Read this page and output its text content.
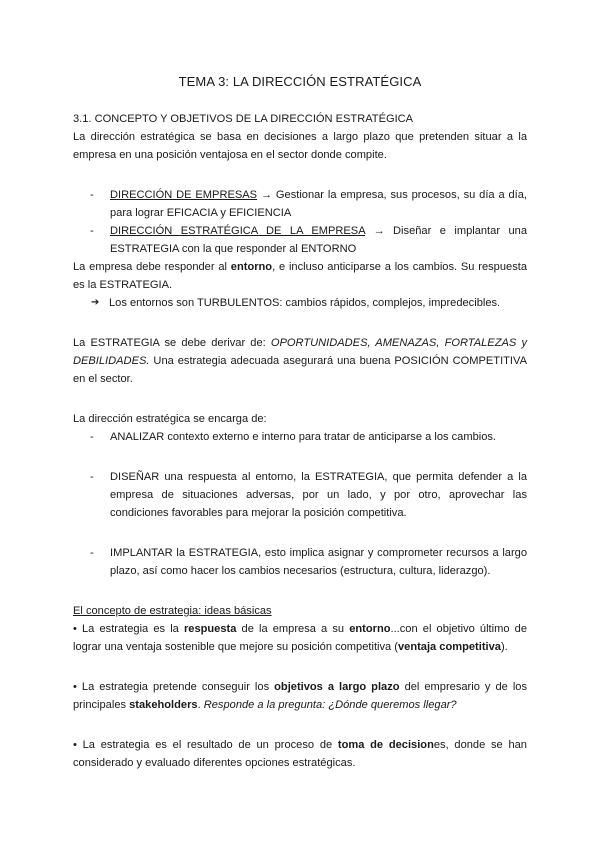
TEMA 3: LA DIRECCIÓN ESTRATÉGICA

3.1. CONCEPTO Y OBJETIVOS DE LA DIRECCIÓN ESTRATÉGICA

La dirección estratégica se basa en decisiones a largo plazo que pretenden situar a la empresa en una posición ventajosa en el sector donde compite.

- DIRECCIÓN DE EMPRESAS → Gestionar la empresa, sus procesos, su día a día, para lograr EFICACIA y EFICIENCIA
- DIRECCIÓN ESTRATÉGICA DE LA EMPRESA → Diseñar e implantar una ESTRATEGIA con la que responder al ENTORNO

La empresa debe responder al entorno, e incluso anticiparse a los cambios. Su respuesta es la ESTRATEGIA.

➔ Los entornos son TURBULENTOS: cambios rápidos, complejos, impredecibles.

La ESTRATEGIA se debe derivar de: OPORTUNIDADES, AMENAZAS, FORTALEZAS y DEBILIDADES. Una estrategia adecuada asegurará una buena POSICIÓN COMPETITIVA en el sector.

La dirección estratégica se encarga de:

- ANALIZAR contexto externo e interno para tratar de anticiparse a los cambios.
- DISEÑAR una respuesta al entorno, la ESTRATEGIA, que permita defender a la empresa de situaciones adversas, por un lado, y por otro, aprovechar las condiciones favorables para mejorar la posición competitiva.
- IMPLANTAR la ESTRATEGIA, esto implica asignar y comprometer recursos a largo plazo, así como hacer los cambios necesarios (estructura, cultura, liderazgo).

El concepto de estrategia: ideas básicas

• La estrategia es la respuesta de la empresa a su entorno...con el objetivo último de lograr una ventaja sostenible que mejore su posición competitiva (ventaja competitiva).

• La estrategia pretende conseguir los objetivos a largo plazo del empresario y de los principales stakeholders. Responde a la pregunta: ¿Dónde queremos llegar?

• La estrategia es el resultado de un proceso de toma de decisiones, donde se han considerado y evaluado diferentes opciones estratégicas.
